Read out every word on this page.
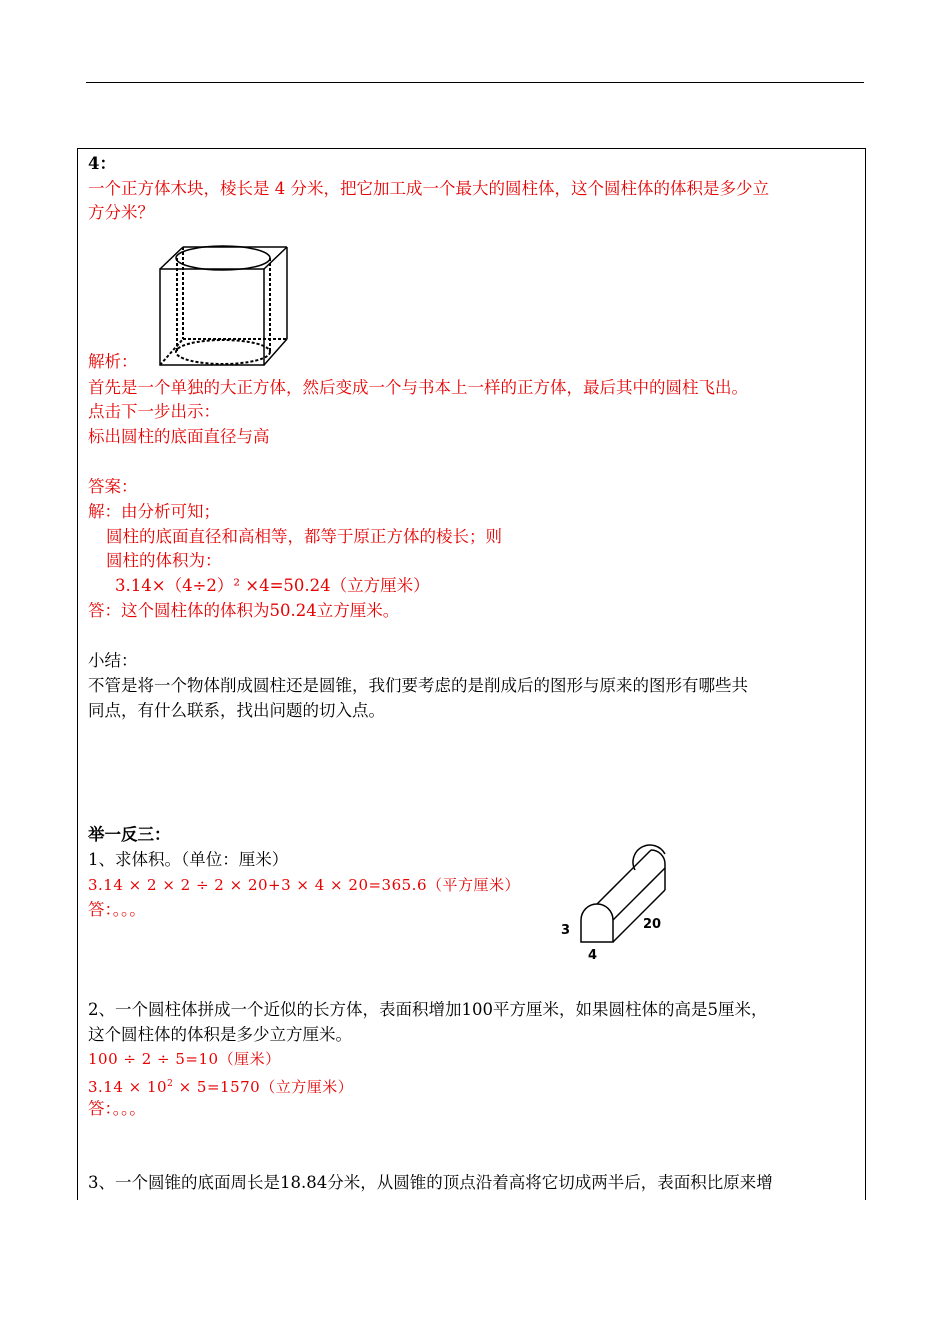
4：
一个正方体木块，棱长是 4 分米，把它加工成一个最大的圆柱体，这个圆柱体的体积是多少立
方分米？
解析：
首先是一个单独的大正方体，然后变成一个与书本上一样的正方体，最后其中的圆柱飞出。
点击下一步出示：
标出圆柱的底面直径与高
答案：
解：由分析可知；
圆柱的底面直径和高相等，都等于原正方体的棱长；则
圆柱的体积为：
3.14×（4÷2）² ×4=50.24（立方厘米）
答：这个圆柱体的体积为50.24立方厘米。
小结：
不管是将一个物体削成圆柱还是圆锥，我们要考虑的是削成后的图形与原来的图形有哪些共
同点，有什么联系，找出问题的切入点。
举一反三：
1、求体积。（单位：厘米）
3.14 × 2 × 2 ÷ 2 × 20+3 × 4 × 20=365.6（平方厘米）
答：。。。
3
4
20
2、一个圆柱体拼成一个近似的长方体，表面积增加100平方厘米，如果圆柱体的高是5厘米，
这个圆柱体的体积是多少立方厘米。
100 ÷ 2 ÷ 5=10（厘米）
$3.14 \times 10^2 \times 5=1570$（立方厘米）
答：。。。
3、一个圆锥的底面周长是18.84分米，从圆锥的顶点沿着高将它切成两半后，表面积比原来增
